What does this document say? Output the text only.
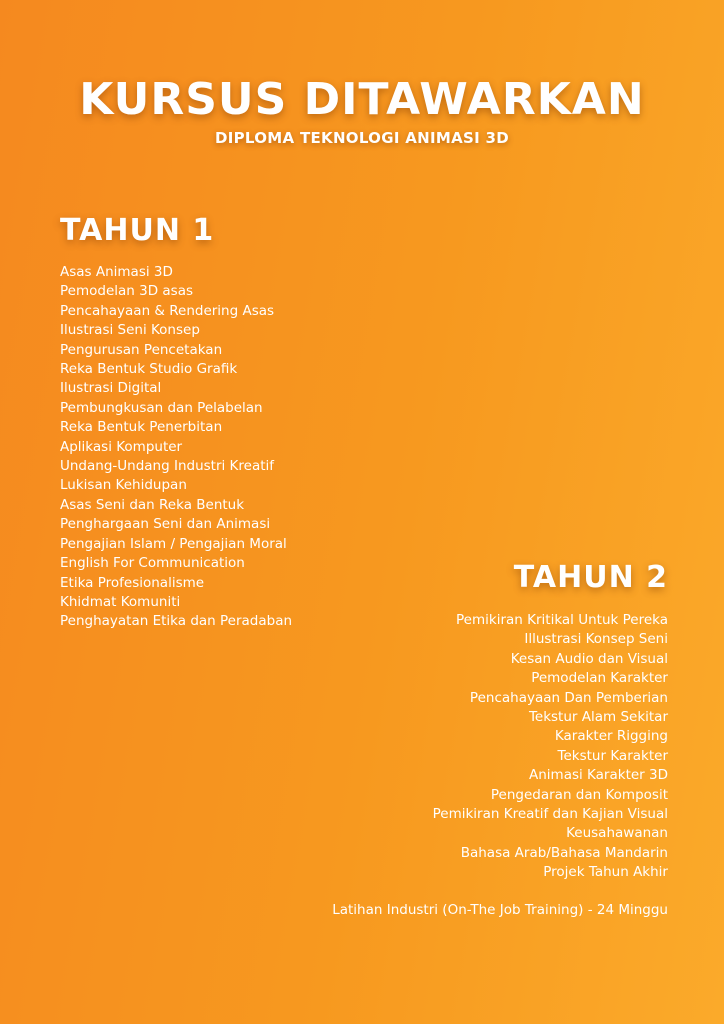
KURSUS DITAWARKAN
DIPLOMA TEKNOLOGI ANIMASI 3D
TAHUN 1
Asas Animasi 3D
Pemodelan 3D asas
Pencahayaan & Rendering Asas
Ilustrasi Seni Konsep
Pengurusan Pencetakan
Reka Bentuk Studio Grafik
Ilustrasi Digital
Pembungkusan dan Pelabelan
Reka Bentuk Penerbitan
Aplikasi Komputer
Undang-Undang Industri Kreatif
Lukisan Kehidupan
Asas Seni dan Reka Bentuk
Penghargaan Seni dan Animasi
Pengajian Islam / Pengajian Moral
English For Communication
Etika Profesionalisme
Khidmat Komuniti
Penghayatan Etika dan Peradaban
TAHUN 2
Pemikiran Kritikal Untuk Pereka
Illustrasi Konsep Seni
Kesan Audio dan Visual
Pemodelan Karakter
Pencahayaan Dan Pemberian
Tekstur Alam Sekitar
Karakter Rigging
Tekstur Karakter
Animasi Karakter 3D
Pengedaran dan Komposit
Pemikiran Kreatif dan Kajian Visual
Keusahawanan
Bahasa Arab/Bahasa Mandarin
Projek Tahun Akhir

Latihan Industri (On-The Job Training) - 24 Minggu
